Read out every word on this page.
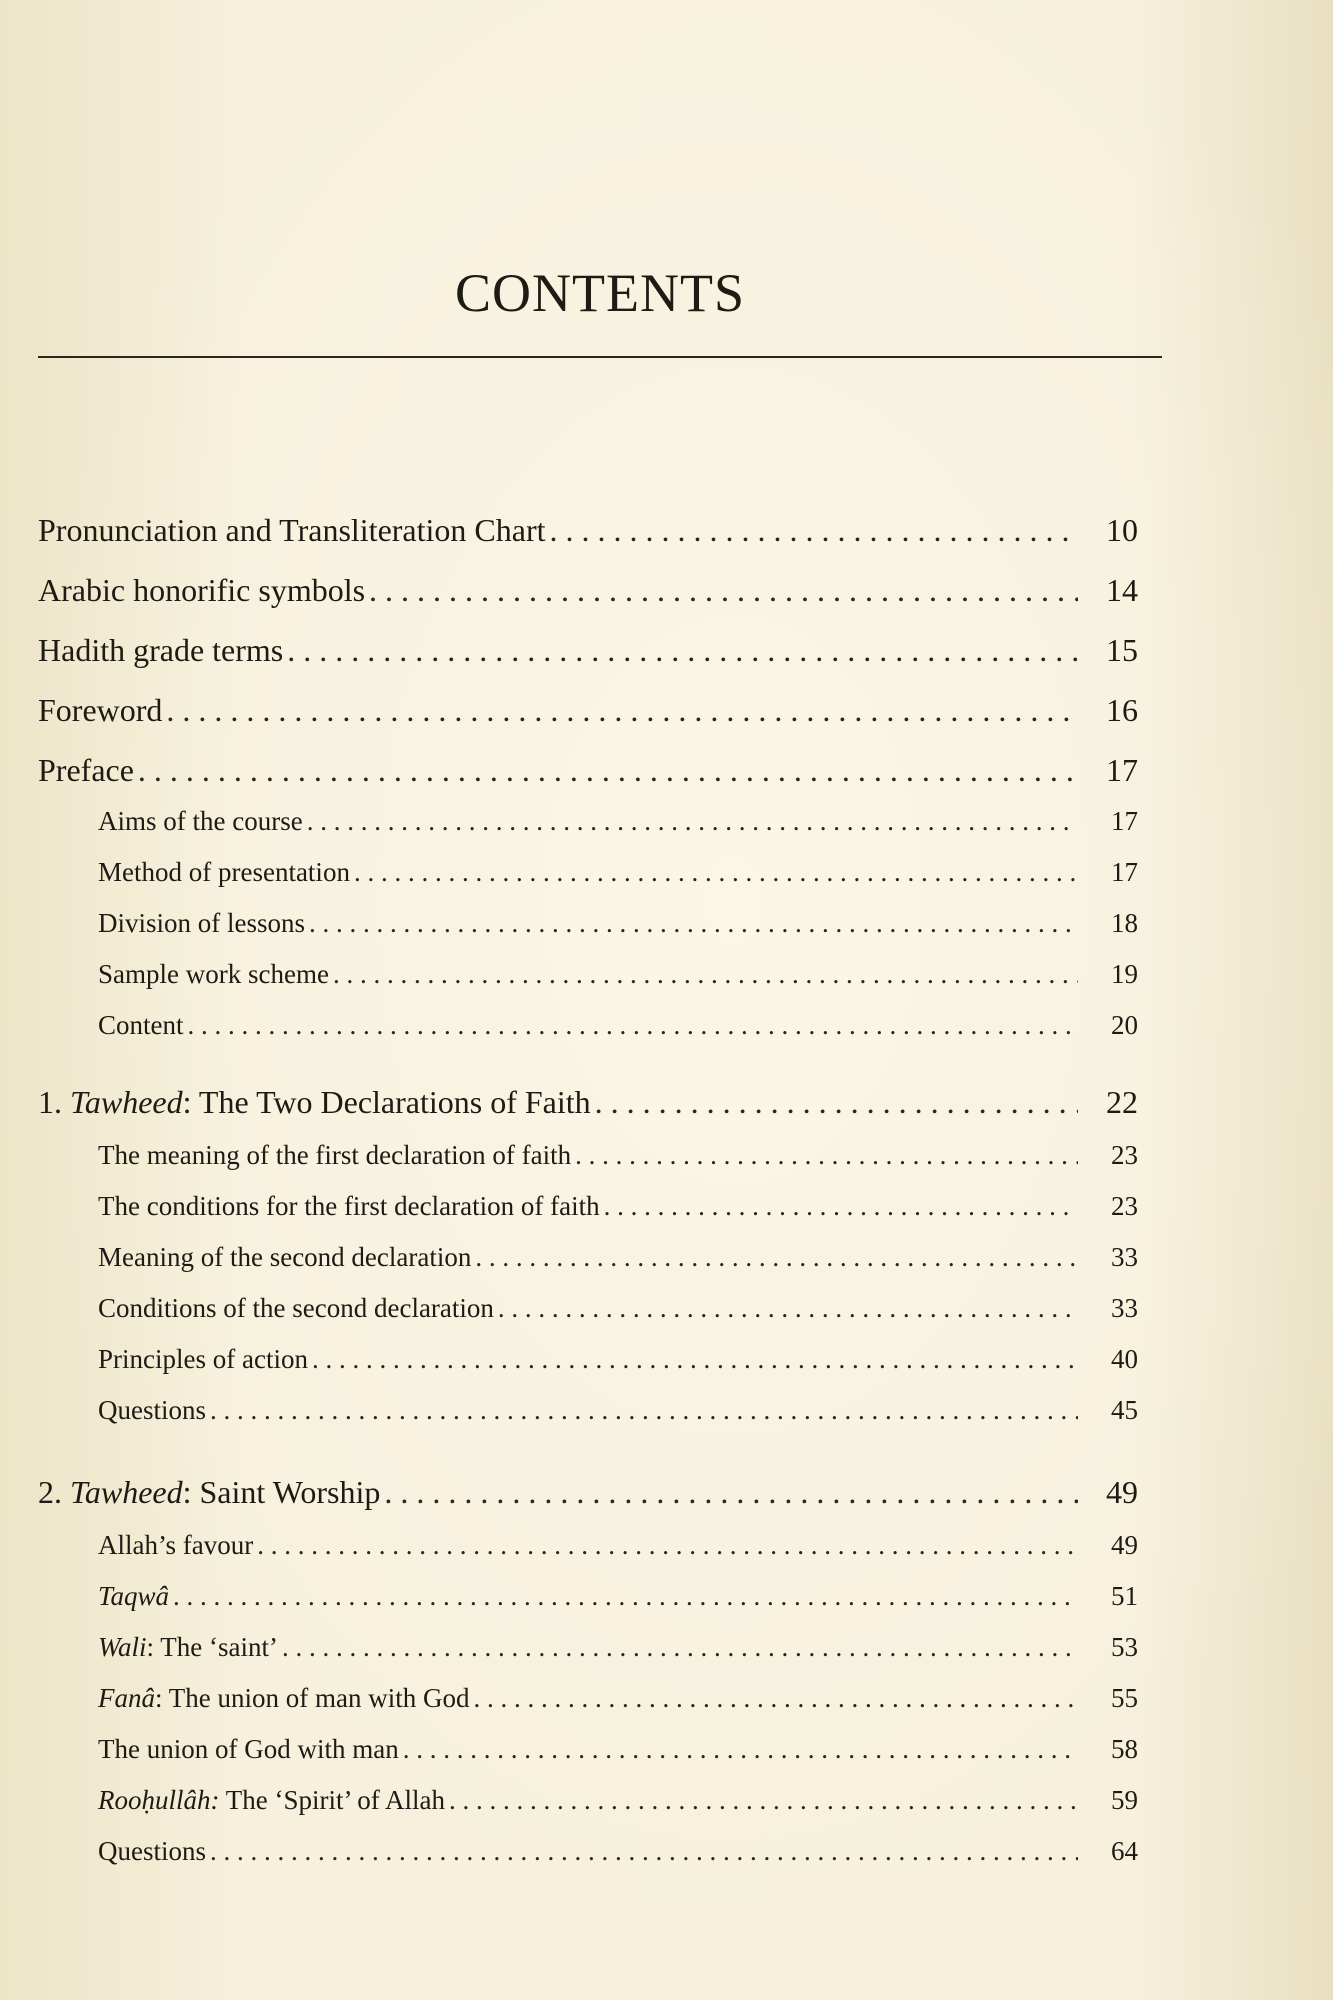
CONTENTS
Pronunciation and Transliteration Chart . . .	10
Arabic honorific symbols . . .	14
Hadith grade terms . . .	15
Foreword . . .	16
Preface . . .	17
Aims of the course . . .	17
Method of presentation . . .	17
Division of lessons . . .	18
Sample work scheme . . .	19
Content . . .	20
1. Tawheed: The Two Declarations of Faith . . .	22
The meaning of the first declaration of faith . . .	23
The conditions for the first declaration of faith . . .	23
Meaning of the second declaration . . .	33
Conditions of the second declaration . . .	33
Principles of action . . .	40
Questions . . .	45
2. Tawheed: Saint Worship . . .	49
Allah’s favour . . .	49
Taqwâ . . .	51
Wali: The ‘saint’ . . .	53
Fanâ: The union of man with God . . .	55
The union of God with man . . .	58
Rooḥullâh: The ‘Spirit’ of Allah . . .	59
Questions . . .	64
